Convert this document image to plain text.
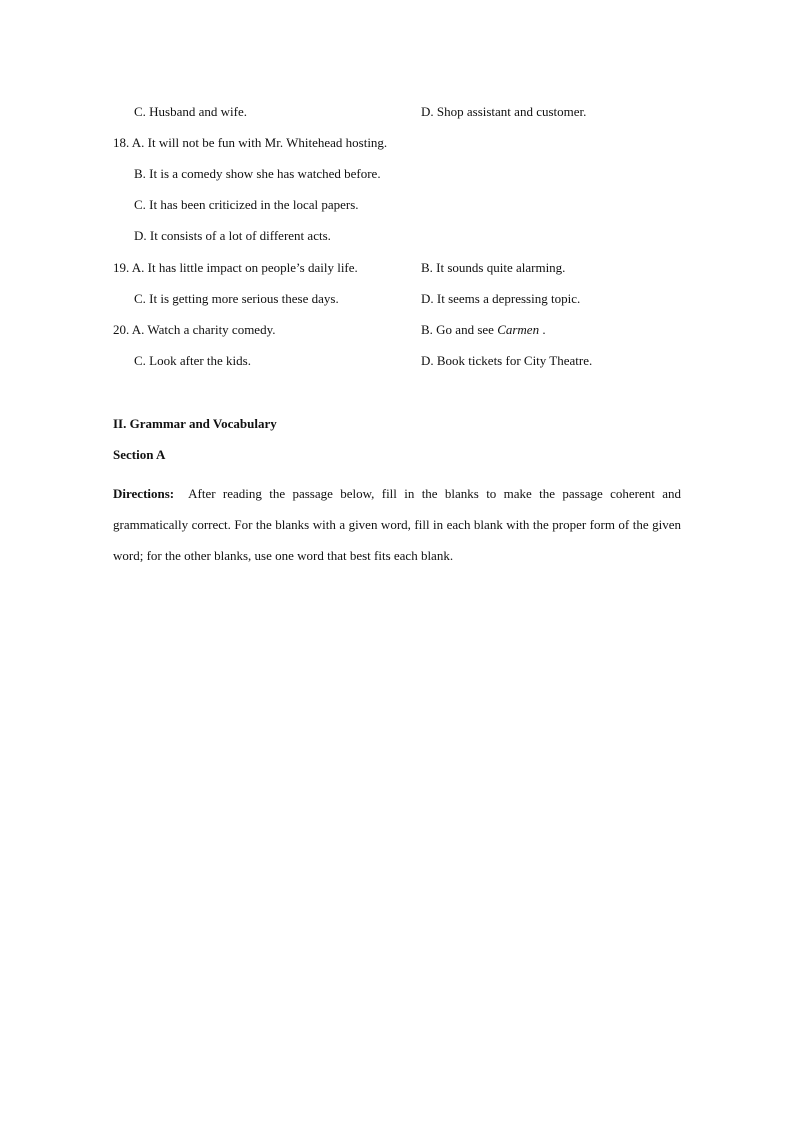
C. Husband and wife.	D. Shop assistant and customer.
18. A. It will not be fun with Mr. Whitehead hosting.
B. It is a comedy show she has watched before.
C. It has been criticized in the local papers.
D. It consists of a lot of different acts.
19. A. It has little impact on people’s daily life.	B. It sounds quite alarming.
C. It is getting more serious these days.	D. It seems a depressing topic.
20. A. Watch a charity comedy.	B. Go and see Carmen .
C. Look after the kids.	D. Book tickets for City Theatre.
II. Grammar and Vocabulary
Section A
Directions: After reading the passage below, fill in the blanks to make the passage coherent and grammatically correct. For the blanks with a given word, fill in each blank with the proper form of the given word; for the other blanks, use one word that best fits each blank.
